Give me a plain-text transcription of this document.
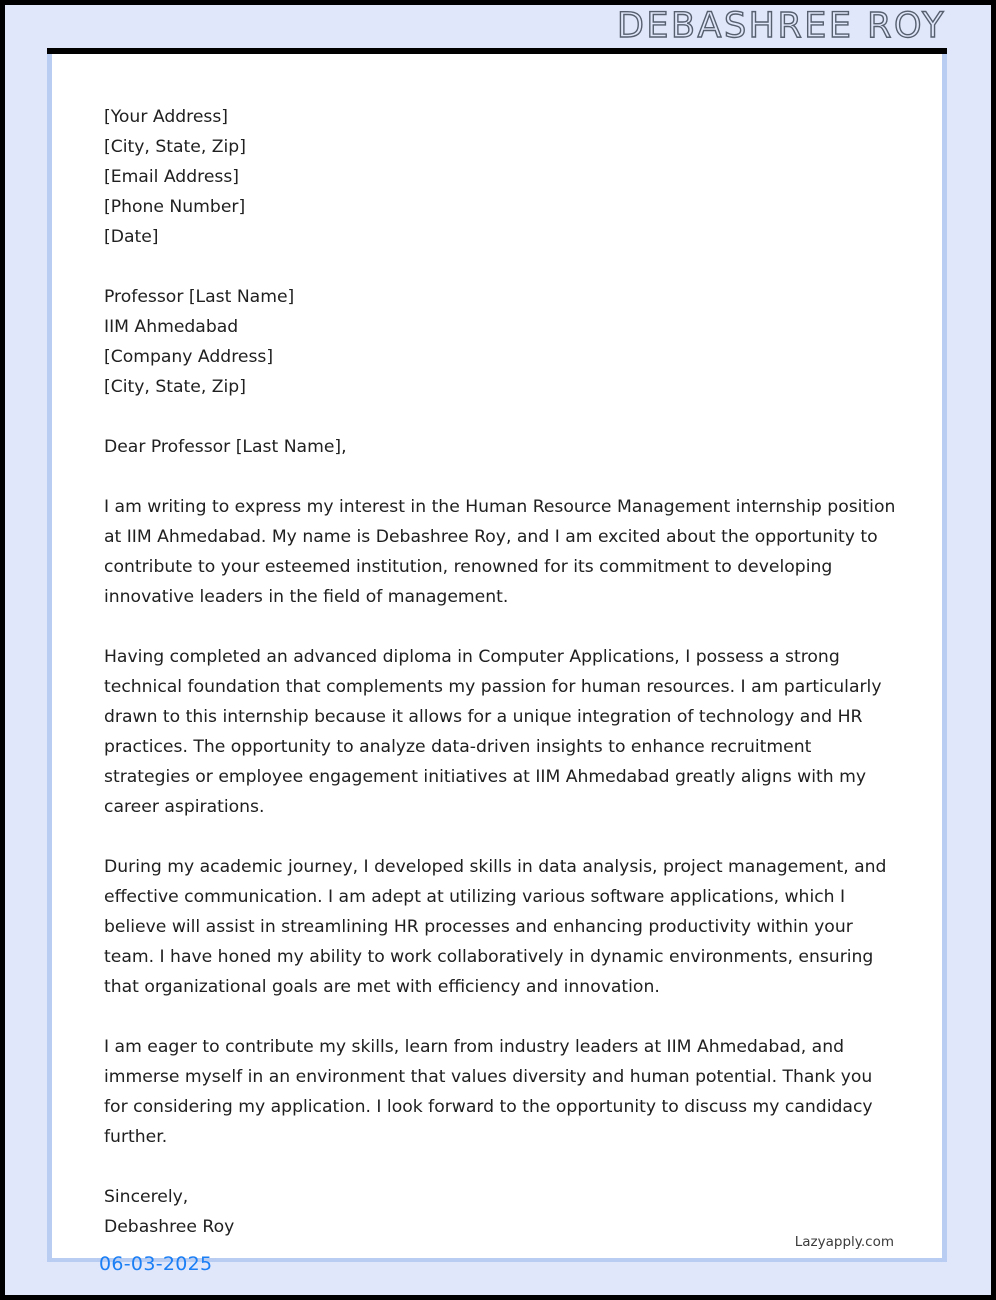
DEBASHREE ROY
[Your Address]
[City, State, Zip]
[Email Address]
[Phone Number]
[Date]
Professor [Last Name]
IIM Ahmedabad
[Company Address]
[City, State, Zip]
Dear Professor [Last Name],

I am writing to express my interest in the Human Resource Management internship position at IIM Ahmedabad. My name is Debashree Roy, and I am excited about the opportunity to contribute to your esteemed institution, renowned for its commitment to developing innovative leaders in the field of management.

Having completed an advanced diploma in Computer Applications, I possess a strong technical foundation that complements my passion for human resources. I am particularly drawn to this internship because it allows for a unique integration of technology and HR practices. The opportunity to analyze data-driven insights to enhance recruitment strategies or employee engagement initiatives at IIM Ahmedabad greatly aligns with my career aspirations.

During my academic journey, I developed skills in data analysis, project management, and effective communication. I am adept at utilizing various software applications, which I believe will assist in streamlining HR processes and enhancing productivity within your team. I have honed my ability to work collaboratively in dynamic environments, ensuring that organizational goals are met with efficiency and innovation.

I am eager to contribute my skills, learn from industry leaders at IIM Ahmedabad, and immerse myself in an environment that values diversity and human potential. Thank you for considering my application. I look forward to the opportunity to discuss my candidacy further.

Sincerely,
Debashree Roy
Lazyapply.com
06-03-2025
